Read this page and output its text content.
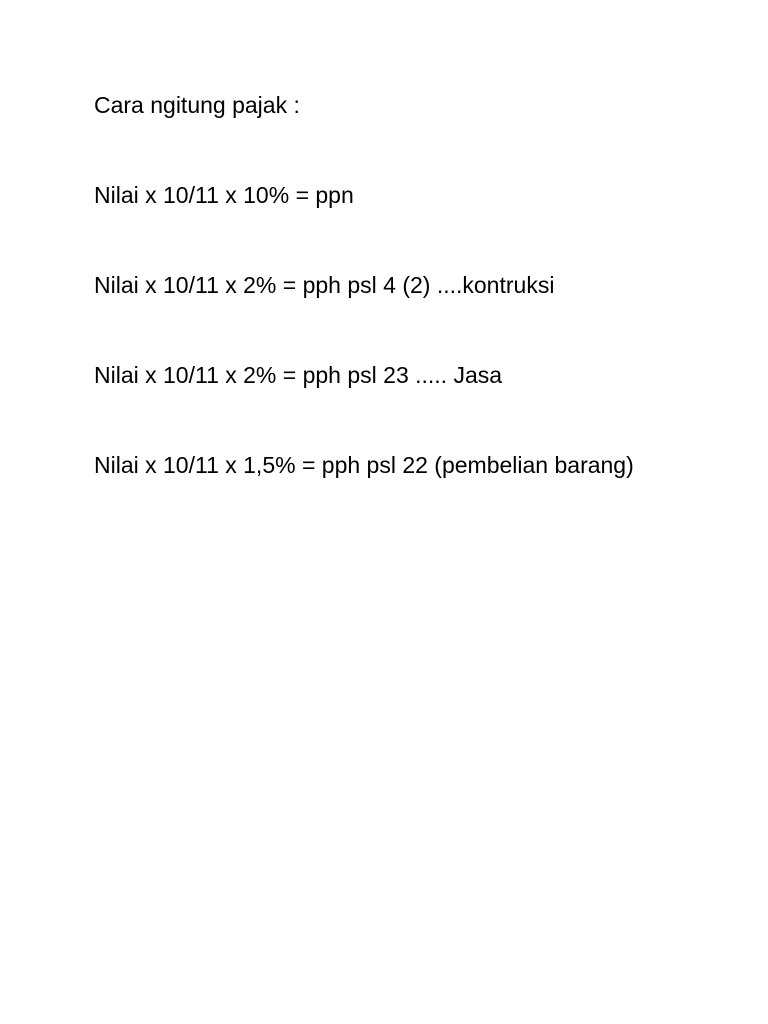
Cara ngitung pajak :

Nilai x 10/11 x 10% = ppn

Nilai x 10/11 x 2% = pph psl 4 (2) ....kontruksi

Nilai x 10/11 x 2% = pph psl 23 ..... Jasa

Nilai x 10/11 x 1,5% = pph psl 22 (pembelian barang)
